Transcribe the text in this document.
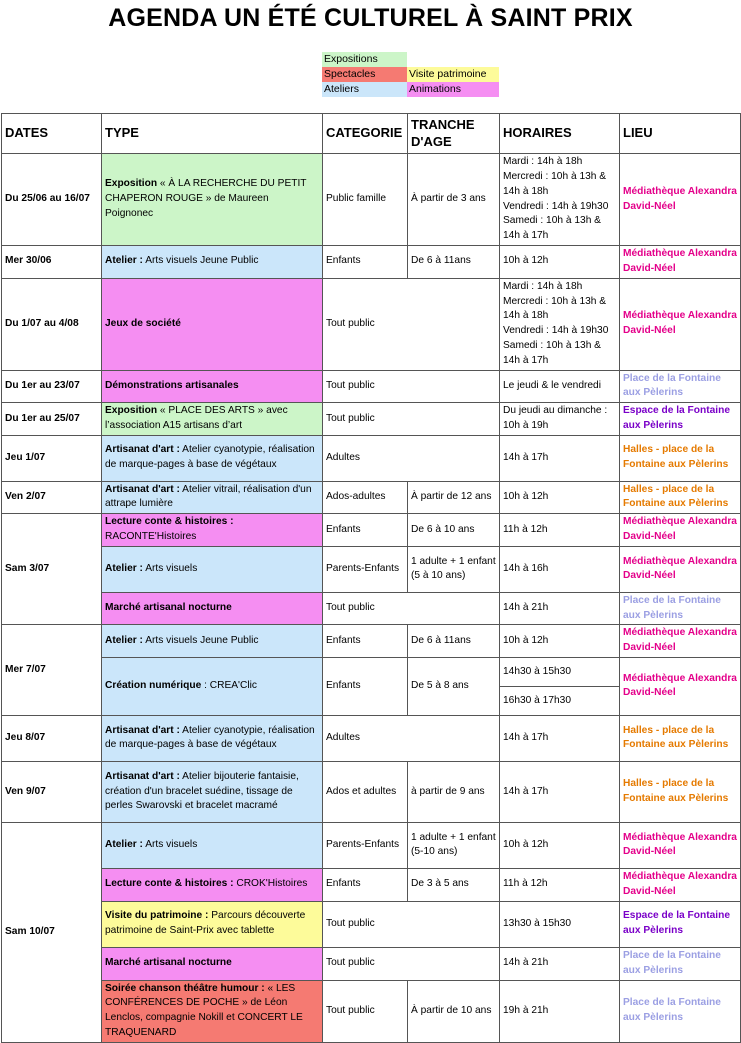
AGENDA UN ÉTÉ CULTUREL À SAINT PRIX
Expositions
Spectacles	Visite patrimoine
Ateliers	Animations
DATES	TYPE	CATEGORIE	TRANCHE D'AGE	HORAIRES	LIEU
Du 25/06 au 16/07	Exposition « À LA RECHERCHE DU PETIT CHAPERON ROUGE » de Maureen Poignonec	Public famille	À partir de 3 ans	Mardi : 14h à 18h
Mercredi : 10h à 13h & 14h à 18h
Vendredi : 14h à 19h30
Samedi : 10h à 13h & 14h à 17h	Médiathèque Alexandra David-Néel
Mer 30/06	Atelier : Arts visuels Jeune Public	Enfants	De 6 à 11ans	10h à 12h	Médiathèque Alexandra David-Néel
Du 1/07 au 4/08	Jeux de société	Tout public		Mardi : 14h à 18h
Mercredi : 10h à 13h & 14h à 18h
Vendredi : 14h à 19h30
Samedi : 10h à 13h & 14h à 17h	Médiathèque Alexandra David-Néel
Du 1er au 23/07	Démonstrations artisanales	Tout public		Le jeudi & le vendredi	Place de la Fontaine aux Pèlerins
Du 1er au 25/07	Exposition « PLACE DES ARTS » avec l’association A15 artisans d’art	Tout public		Du jeudi au dimanche : 10h à 19h	Espace de la Fontaine aux Pèlerins
Jeu 1/07	Artisanat d'art : Atelier cyanotypie, réalisation de marque-pages à base de végétaux	Adultes		14h à 17h	Halles - place de la Fontaine aux Pèlerins
Ven 2/07	Artisanat d'art : Atelier vitrail, réalisation d'un attrape lumière	Ados-adultes	À partir de 12 ans	10h à 12h	Halles - place de la Fontaine aux Pèlerins
Sam 3/07	Lecture conte & histoires :
RACONTE'Histoires	Enfants	De 6 à 10 ans	11h à 12h	Médiathèque Alexandra David-Néel
	Atelier : Arts visuels	Parents-Enfants	1 adulte + 1 enfant (5 à 10 ans)	14h à 16h	Médiathèque Alexandra David-Néel
	Marché artisanal nocturne	Tout public		14h à 21h	Place de la Fontaine aux Pèlerins
Mer 7/07	Atelier : Arts visuels Jeune Public	Enfants	De 6 à 11ans	10h à 12h	Médiathèque Alexandra David-Néel
	Création numérique : CREA'Clic	Enfants	De 5 à 8 ans	14h30 à 15h30	Médiathèque Alexandra David-Néel
				16h30 à 17h30	
Jeu 8/07	Artisanat d'art : Atelier cyanotypie, réalisation de marque-pages à base de végétaux	Adultes		14h à 17h	Halles - place de la Fontaine aux Pèlerins
Ven 9/07	Artisanat d'art : Atelier bijouterie fantaisie, création d'un bracelet suédine, tissage de perles Swarovski et bracelet macramé	Ados et adultes	à partir de 9 ans	14h à 17h	Halles - place de la Fontaine aux Pèlerins
Sam 10/07	Atelier : Arts visuels	Parents-Enfants	1 adulte + 1 enfant (5-10 ans)	10h à 12h	Médiathèque Alexandra David-Néel
	Lecture conte & histoires : CROK'Histoires	Enfants	De 3 à 5 ans	11h à 12h	Médiathèque Alexandra David-Néel
	Visite du patrimoine : Parcours découverte patrimoine de Saint-Prix avec tablette	Tout public		13h30 à 15h30	Espace de la Fontaine aux Pèlerins
	Marché artisanal nocturne	Tout public		14h à 21h	Place de la Fontaine aux Pèlerins
	Soirée chanson théâtre humour : « LES CONFÉRENCES DE POCHE » de Léon Lenclos, compagnie Nokill et CONCERT LE TRAQUENARD	Tout public	À partir de 10 ans	19h à 21h	Place de la Fontaine aux Pèlerins
